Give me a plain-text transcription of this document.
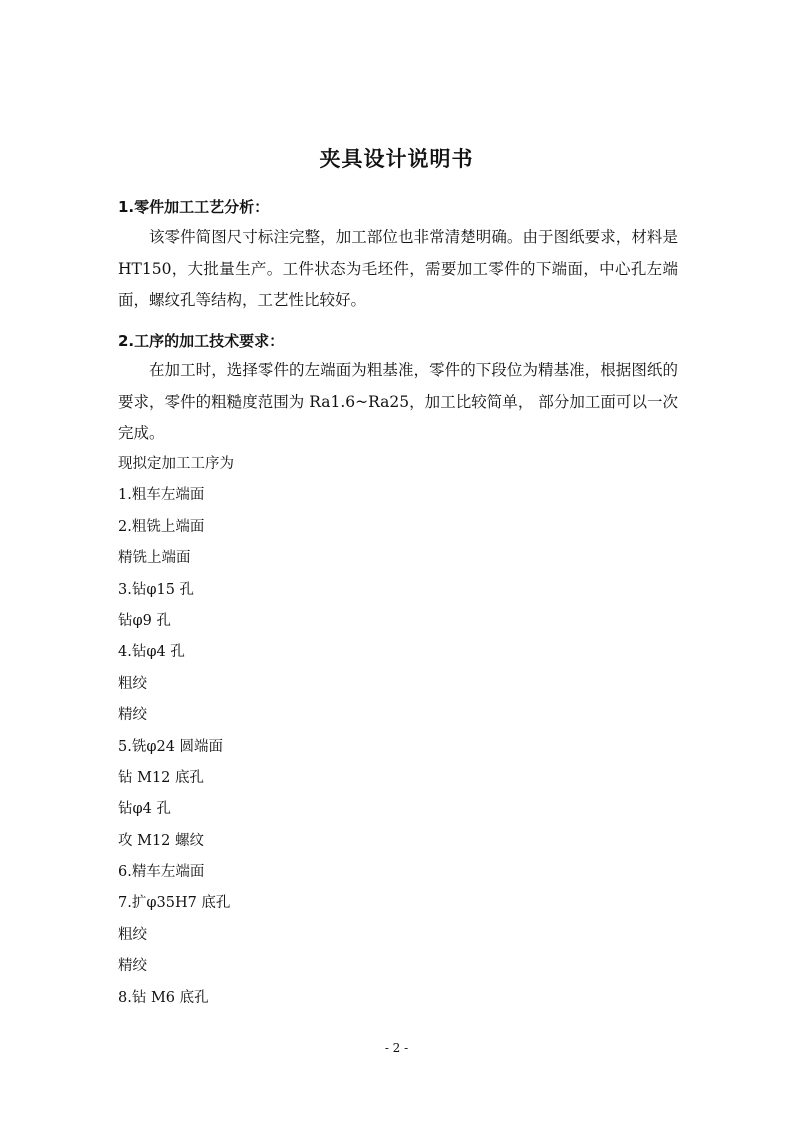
夹具设计说明书
1.零件加工工艺分析：
该零件简图尺寸标注完整，加工部位也非常清楚明确。由于图纸要求，材料是 HT150，大批量生产。工件状态为毛坯件，需要加工零件的下端面，中心孔左端面，螺纹孔等结构，工艺性比较好。
2.工序的加工技术要求：
在加工时，选择零件的左端面为粗基准，零件的下段位为精基准，根据图纸的要求，零件的粗糙度范围为 Ra1.6~Ra25，加工比较简单， 部分加工面可以一次完成。
现拟定加工工序为
1.粗车左端面
2.粗铣上端面
精铣上端面
3.钻φ15 孔
钻φ9 孔
4.钻φ4 孔
粗绞
精绞
5.铣φ24 圆端面
钻 M12 底孔
钻φ4 孔
攻 M12 螺纹
6.精车左端面
7.扩φ35H7 底孔
粗绞
精绞
8.钻 M6 底孔
- 2 -
